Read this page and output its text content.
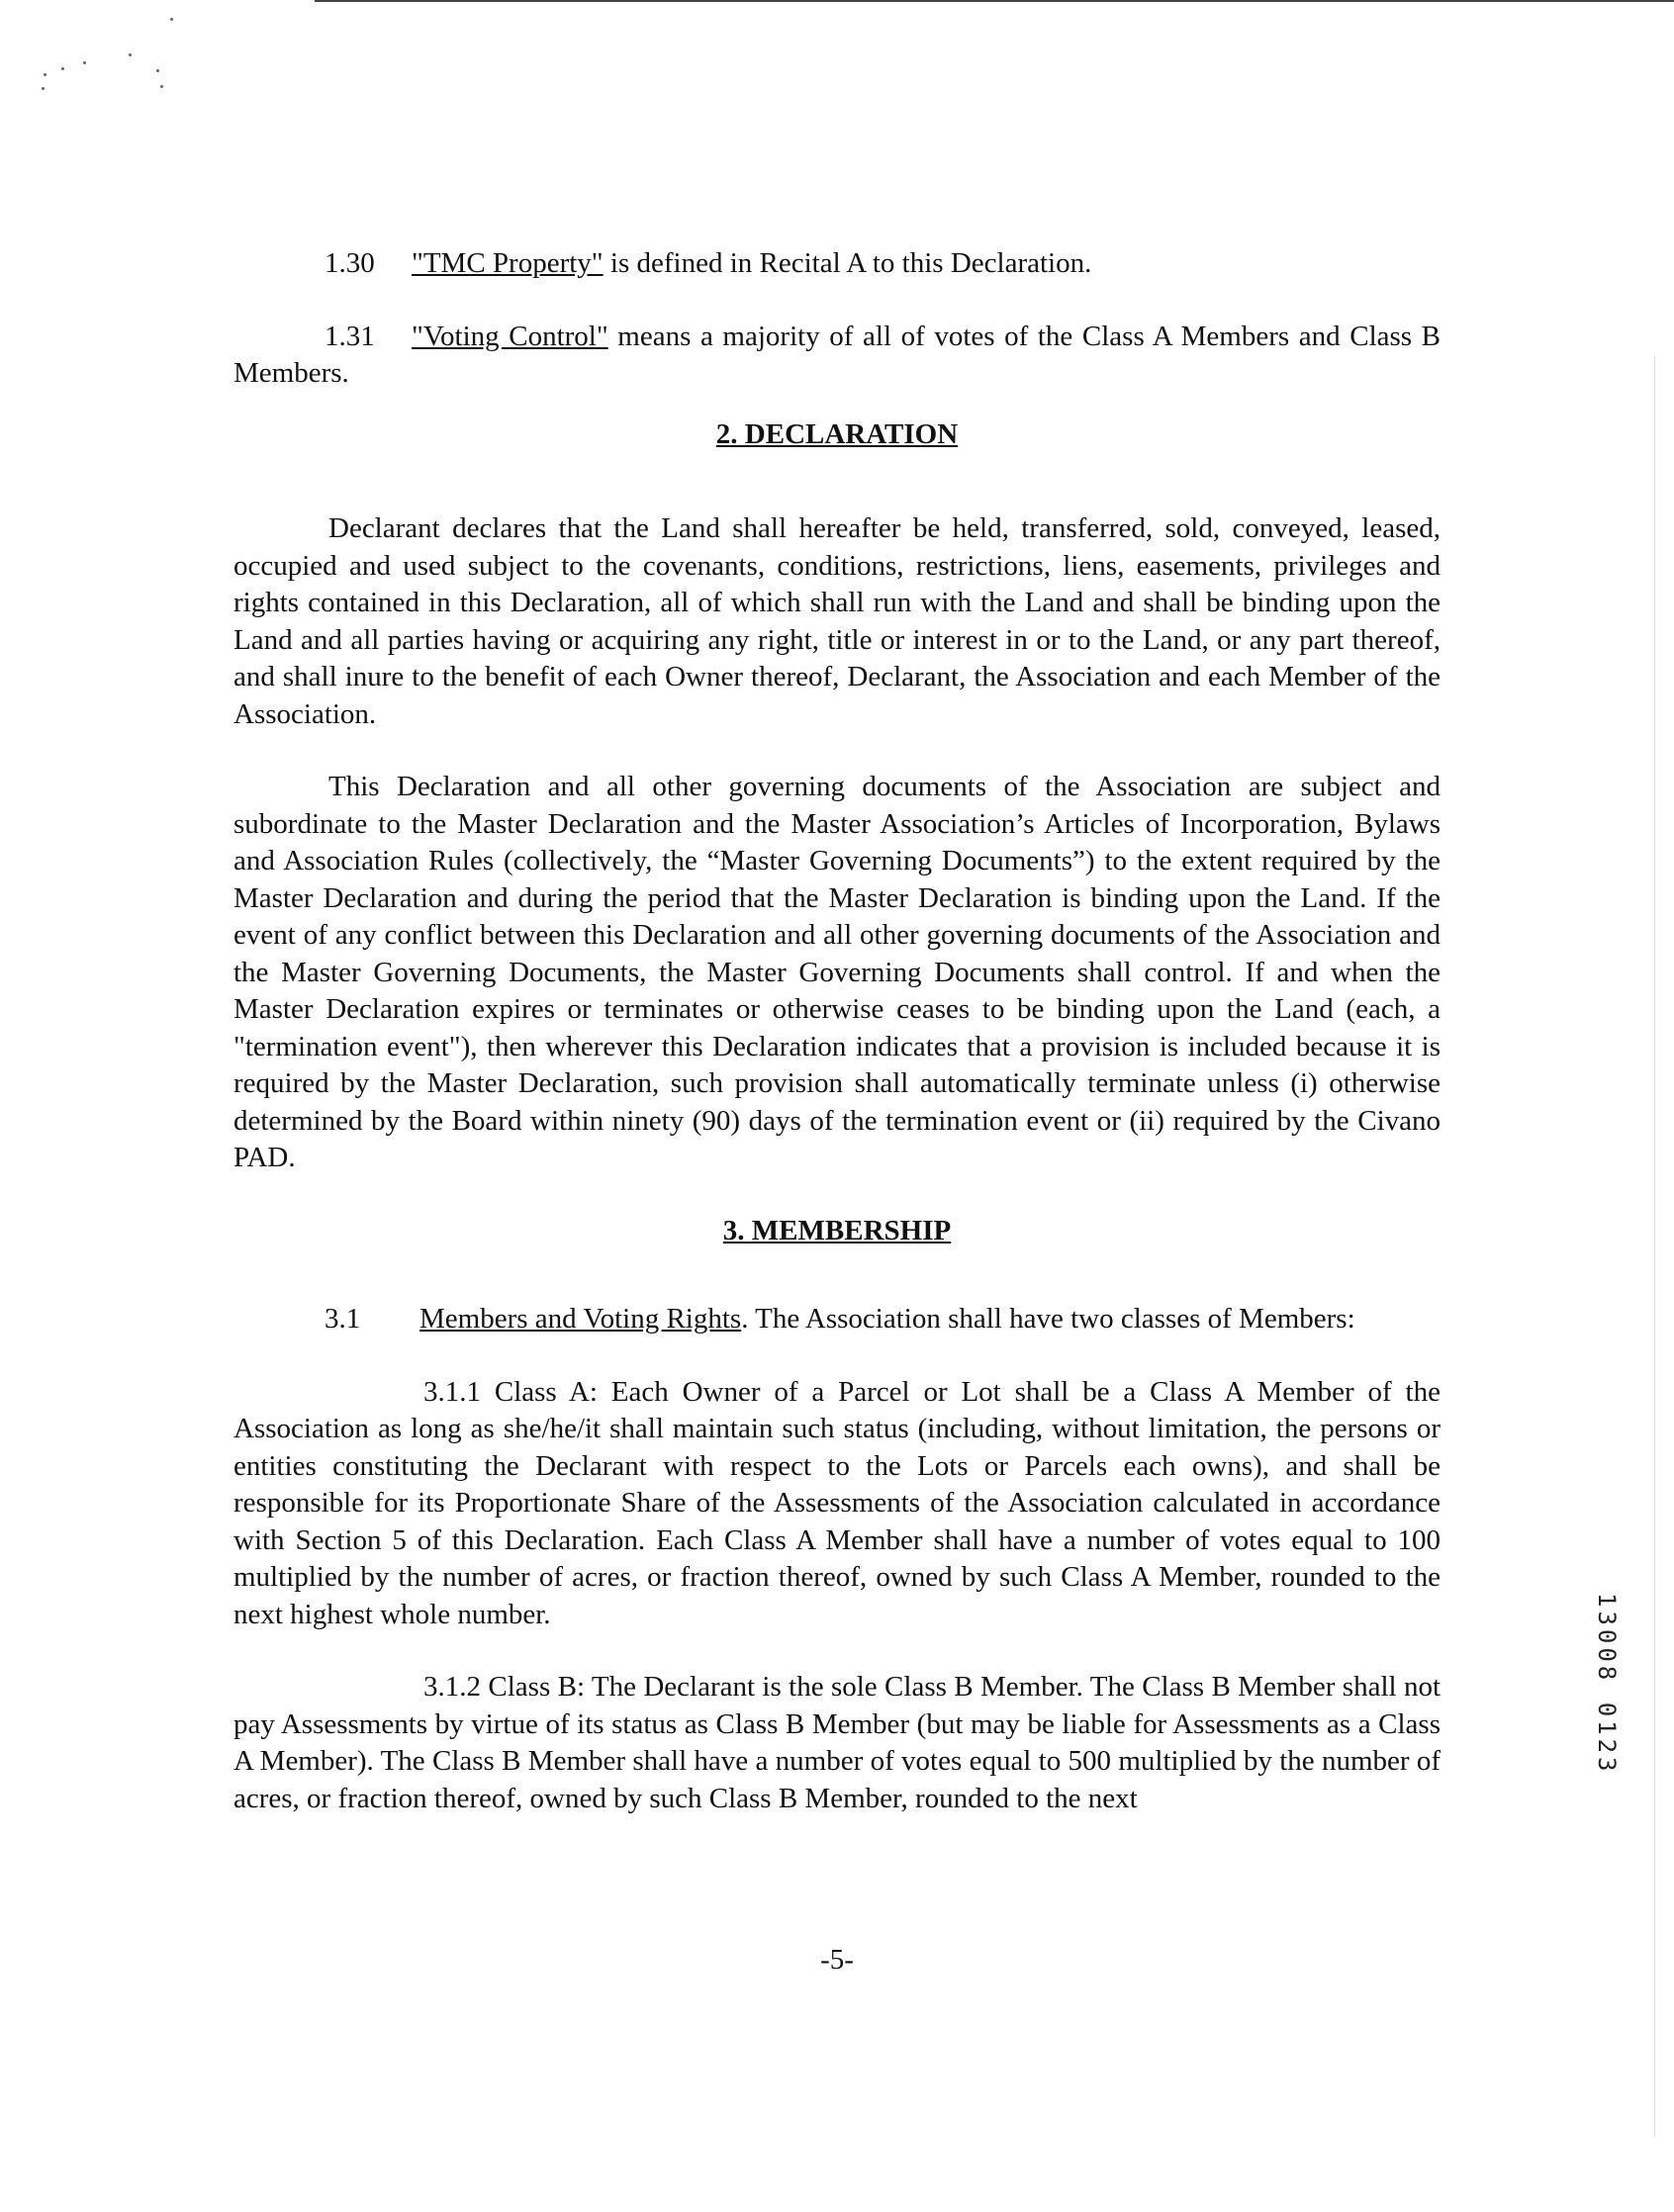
1.30 "TMC Property" is defined in Recital A to this Declaration.

1.31 "Voting Control" means a majority of all of votes of the Class A Members and Class B Members.

2. DECLARATION

Declarant declares that the Land shall hereafter be held, transferred, sold, conveyed, leased, occupied and used subject to the covenants, conditions, restrictions, liens, easements, privileges and rights contained in this Declaration, all of which shall run with the Land and shall be binding upon the Land and all parties having or acquiring any right, title or interest in or to the Land, or any part thereof, and shall inure to the benefit of each Owner thereof, Declarant, the Association and each Member of the Association.

This Declaration and all other governing documents of the Association are subject and subordinate to the Master Declaration and the Master Association’s Articles of Incorporation, Bylaws and Association Rules (collectively, the “Master Governing Documents”) to the extent required by the Master Declaration and during the period that the Master Declaration is binding upon the Land. If the event of any conflict between this Declaration and all other governing documents of the Association and the Master Governing Documents, the Master Governing Documents shall control. If and when the Master Declaration expires or terminates or otherwise ceases to be binding upon the Land (each, a "termination event"), then wherever this Declaration indicates that a provision is included because it is required by the Master Declaration, such provision shall automatically terminate unless (i) otherwise determined by the Board within ninety (90) days of the termination event or (ii) required by the Civano PAD.

3. MEMBERSHIP

3.1 Members and Voting Rights. The Association shall have two classes of Members:

3.1.1 Class A: Each Owner of a Parcel or Lot shall be a Class A Member of the Association as long as she/he/it shall maintain such status (including, without limitation, the persons or entities constituting the Declarant with respect to the Lots or Parcels each owns), and shall be responsible for its Proportionate Share of the Assessments of the Association calculated in accordance with Section 5 of this Declaration. Each Class A Member shall have a number of votes equal to 100 multiplied by the number of acres, or fraction thereof, owned by such Class A Member, rounded to the next highest whole number.

3.1.2 Class B: The Declarant is the sole Class B Member. The Class B Member shall not pay Assessments by virtue of its status as Class B Member (but may be liable for Assessments as a Class A Member). The Class B Member shall have a number of votes equal to 500 multiplied by the number of acres, or fraction thereof, owned by such Class B Member, rounded to the next

-5-
13008 0123
